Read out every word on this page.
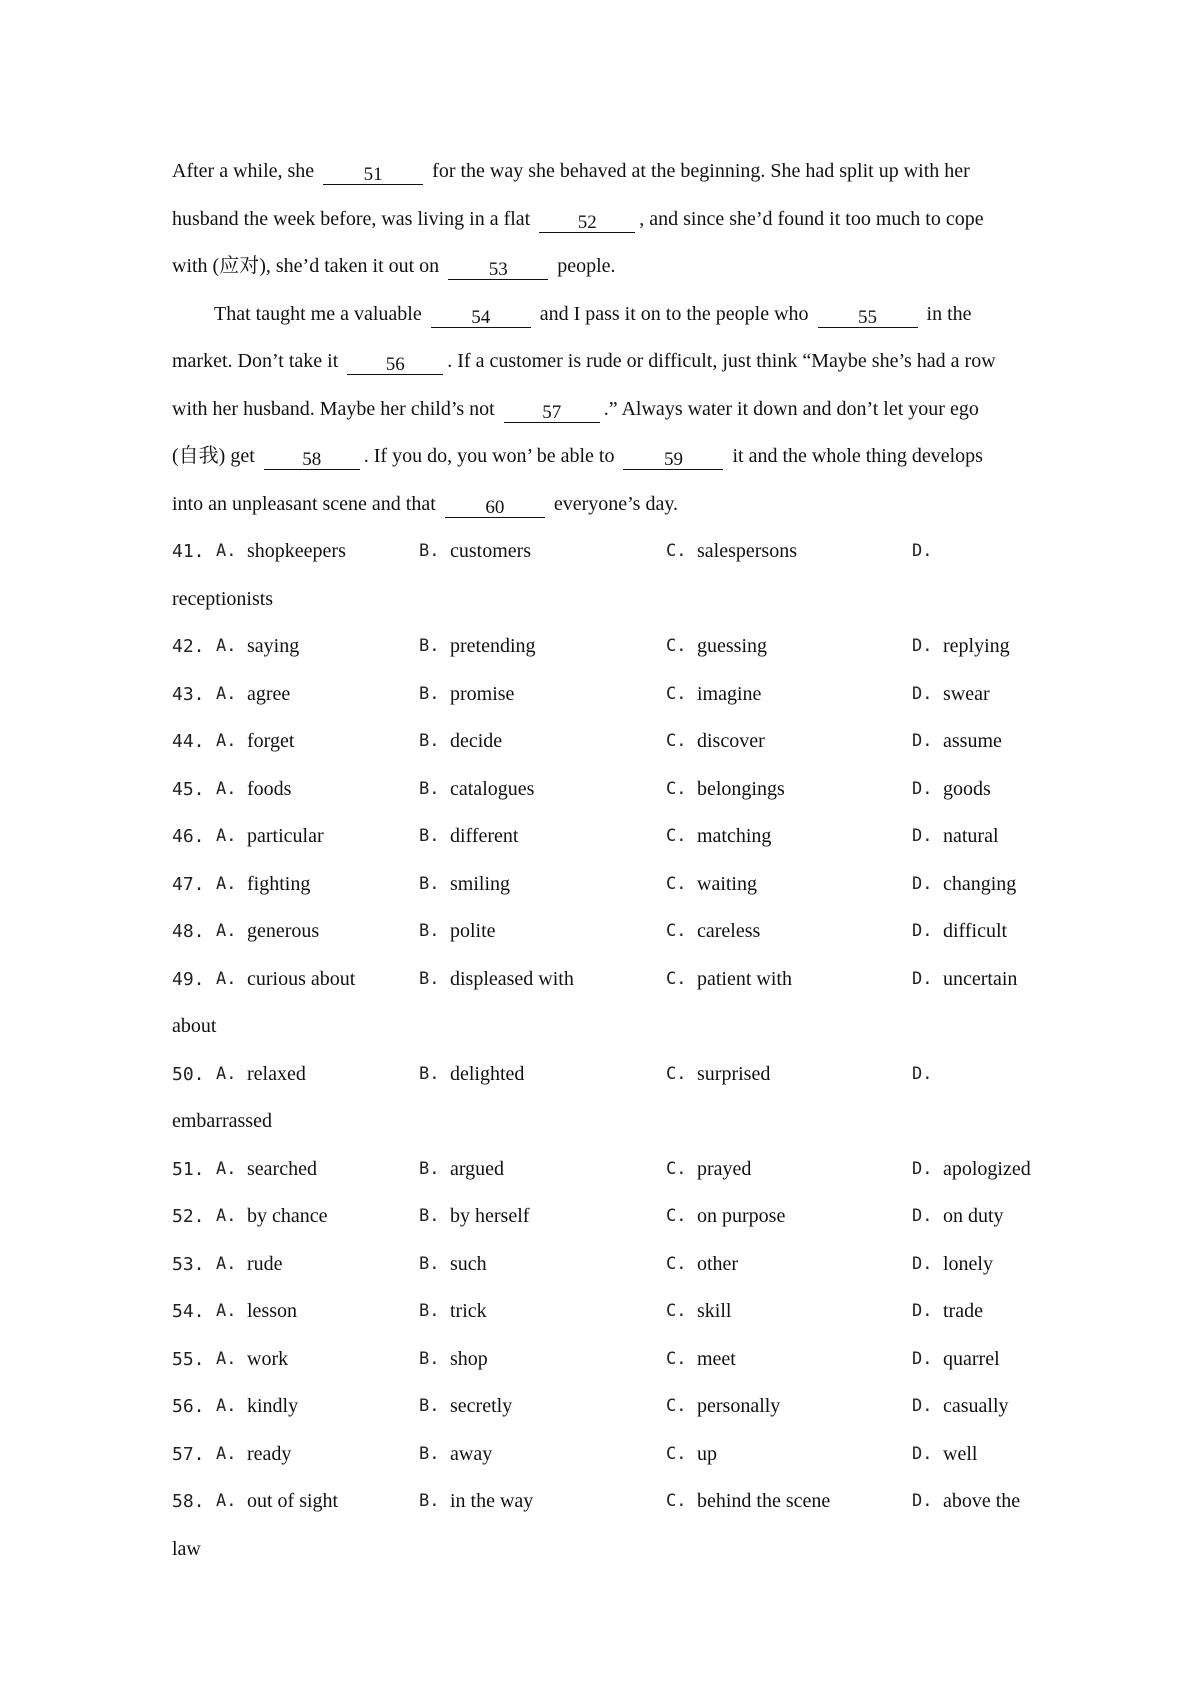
After a while, she	51 for the way she behaved at the beginning. She had split up with her
husband the week before, was living in a flat	52 , and since she’d found it too much to cope
with (应对), she’d taken it out on	53 people.
That taught me a valuable	54 and I pass it on to the people who	55 in the
market. Don’t take it	56 . If a customer is rude or difficult, just think “Maybe she’s had a row
with her husband. Maybe her child’s not	57 .” Always water it down and don’t let your ego
(自我) get	58 . If you do, you won’ be able to	59 it and the whole thing develops
into an unpleasant scene and that	60 everyone’s day.
41. A. shopkeepers	B. customers	C. salespersons	D.
receptionists
42. A. saying	B. pretending	C. guessing	D. replying
43. A. agree	B. promise	C. imagine	D. swear
44. A. forget	B. decide	C. discover	D. assume
45. A. foods	B. catalogues	C. belongings	D. goods
46. A. particular	B. different	C. matching	D. natural
47. A. fighting	B. smiling	C. waiting	D. changing
48. A. generous	B. polite	C. careless	D. difficult
49. A. curious about	B. displeased with	C. patient with	D. uncertain
about
50. A. relaxed	B. delighted	C. surprised	D.
embarrassed
51. A. searched	B. argued	C. prayed	D. apologized
52. A. by chance	B. by herself	C. on purpose	D. on duty
53. A. rude	B. such	C. other	D. lonely
54. A. lesson	B. trick	C. skill	D. trade
55. A. work	B. shop	C. meet	D. quarrel
56. A. kindly	B. secretly	C. personally	D. casually
57. A. ready	B. away	C. up	D. well
58. A. out of sight	B. in the way	C. behind the scene	D. above the
law
